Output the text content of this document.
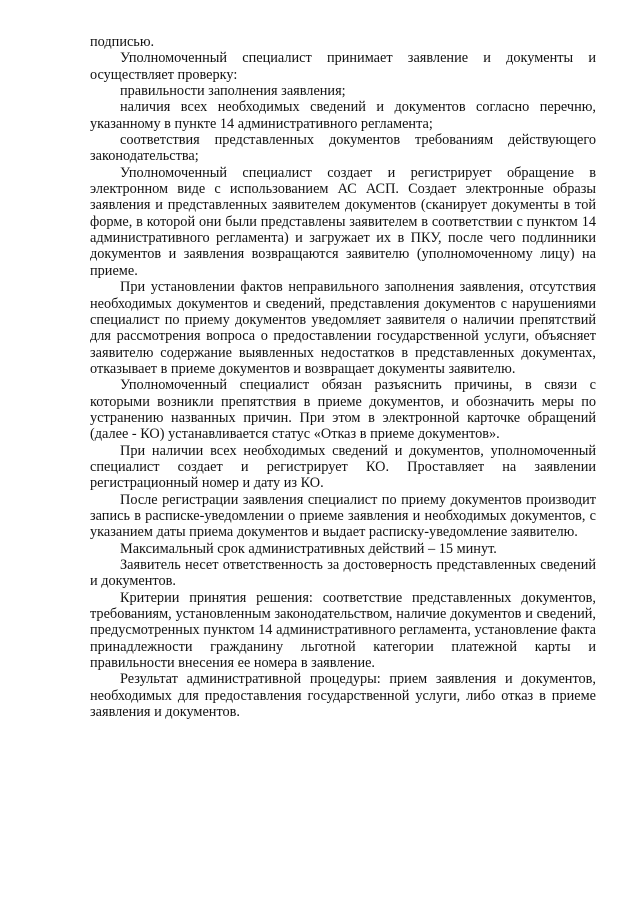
подписью.

Уполномоченный специалист принимает заявление и документы и осуществляет проверку:

правильности заполнения заявления;

наличия всех необходимых сведений и документов согласно перечню, указанному в пункте 14 административного регламента;

соответствия представленных документов требованиям действующего законодательства;

Уполномоченный специалист создает и регистрирует обращение в электронном виде с использованием АС АСП. Создает электронные образы заявления и представленных заявителем документов (сканирует документы в той форме, в которой они были представлены заявителем в соответствии с пунктом 14 административного регламента) и загружает их в ПКУ, после чего подлинники документов и заявления возвращаются заявителю (уполномоченному лицу) на приеме.

При установлении фактов неправильного заполнения заявления, отсутствия необходимых документов и сведений, представления документов с нарушениями специалист по приему документов уведомляет заявителя о наличии препятствий для рассмотрения вопроса о предоставлении государственной услуги, объясняет заявителю содержание выявленных недостатков в представленных документах, отказывает в приеме документов и возвращает документы заявителю.

Уполномоченный специалист обязан разъяснить причины, в связи с которыми возникли препятствия в приеме документов, и обозначить меры по устранению названных причин. При этом в электронной карточке обращений (далее - КО) устанавливается статус «Отказ в приеме документов».

При наличии всех необходимых сведений и документов, уполномоченный специалист создает и регистрирует КО. Проставляет на заявлении регистрационный номер и дату из КО.

После регистрации заявления специалист по приему документов производит запись в расписке-уведомлении о приеме заявления и необходимых документов, с указанием даты приема документов и выдает расписку-уведомление заявителю.

Максимальный срок административных действий – 15 минут.

Заявитель несет ответственность за достоверность представленных сведений и документов.

Критерии принятия решения: соответствие представленных документов, требованиям, установленным законодательством, наличие документов и сведений, предусмотренных пунктом 14 административного регламента, установление факта принадлежности гражданину льготной категории платежной карты и правильности внесения ее номера в заявление.

Результат административной процедуры: прием заявления и документов, необходимых для предоставления государственной услуги, либо отказ в приеме заявления и документов.
